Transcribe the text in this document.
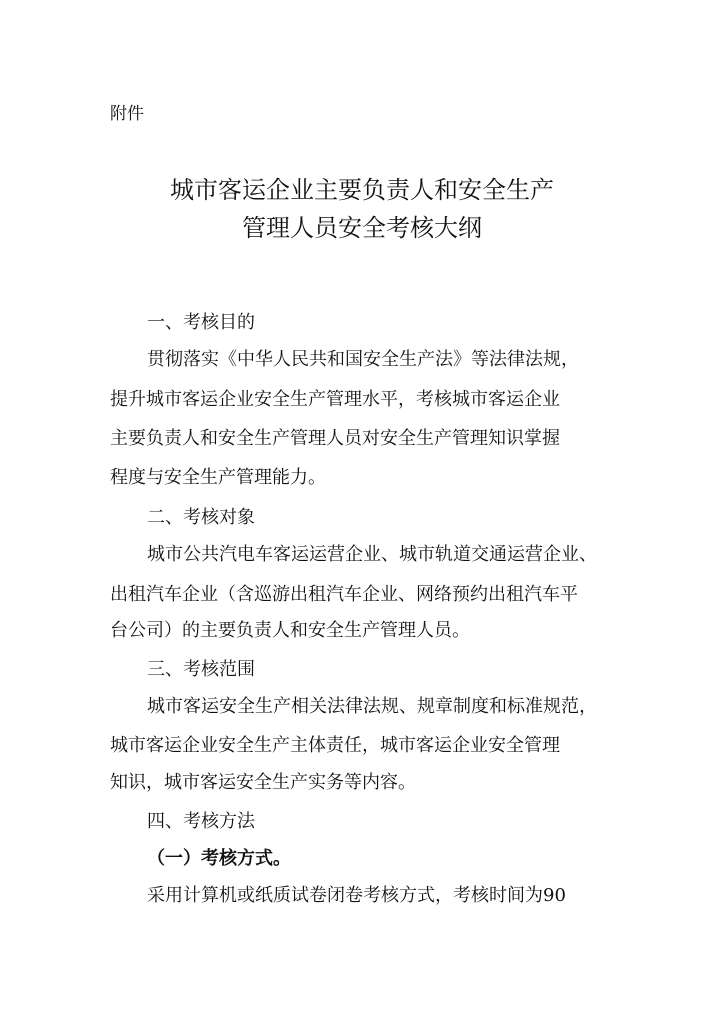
附件
城市客运企业主要负责人和安全生产
管理人员安全考核大纲
一、考核目的
贯彻落实《中华人民共和国安全生产法》等法律法规，
提升城市客运企业安全生产管理水平，考核城市客运企业
主要负责人和安全生产管理人员对安全生产管理知识掌握
程度与安全生产管理能力。
二、考核对象
城市公共汽电车客运运营企业、城市轨道交通运营企业、
出租汽车企业（含巡游出租汽车企业、网络预约出租汽车平
台公司）的主要负责人和安全生产管理人员。
三、考核范围
城市客运安全生产相关法律法规、规章制度和标准规范，
城市客运企业安全生产主体责任，城市客运企业安全管理
知识，城市客运安全生产实务等内容。
四、考核方法
（一）考核方式。
采用计算机或纸质试卷闭卷考核方式，考核时间为90
